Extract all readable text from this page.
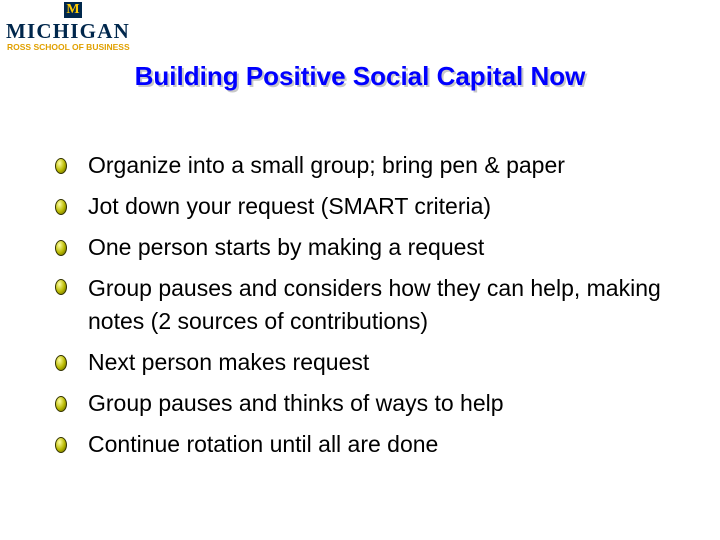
M
MICHIGAN
ROSS SCHOOL OF BUSINESS
Building Positive Social Capital Now
Organize into a small group; bring pen & paper
Jot down your request (SMART criteria)
One person starts by making a request
Group pauses and considers how they can help, making notes (2 sources of contributions)
Next person makes request
Group pauses and thinks of ways to help
Continue rotation until all are done
